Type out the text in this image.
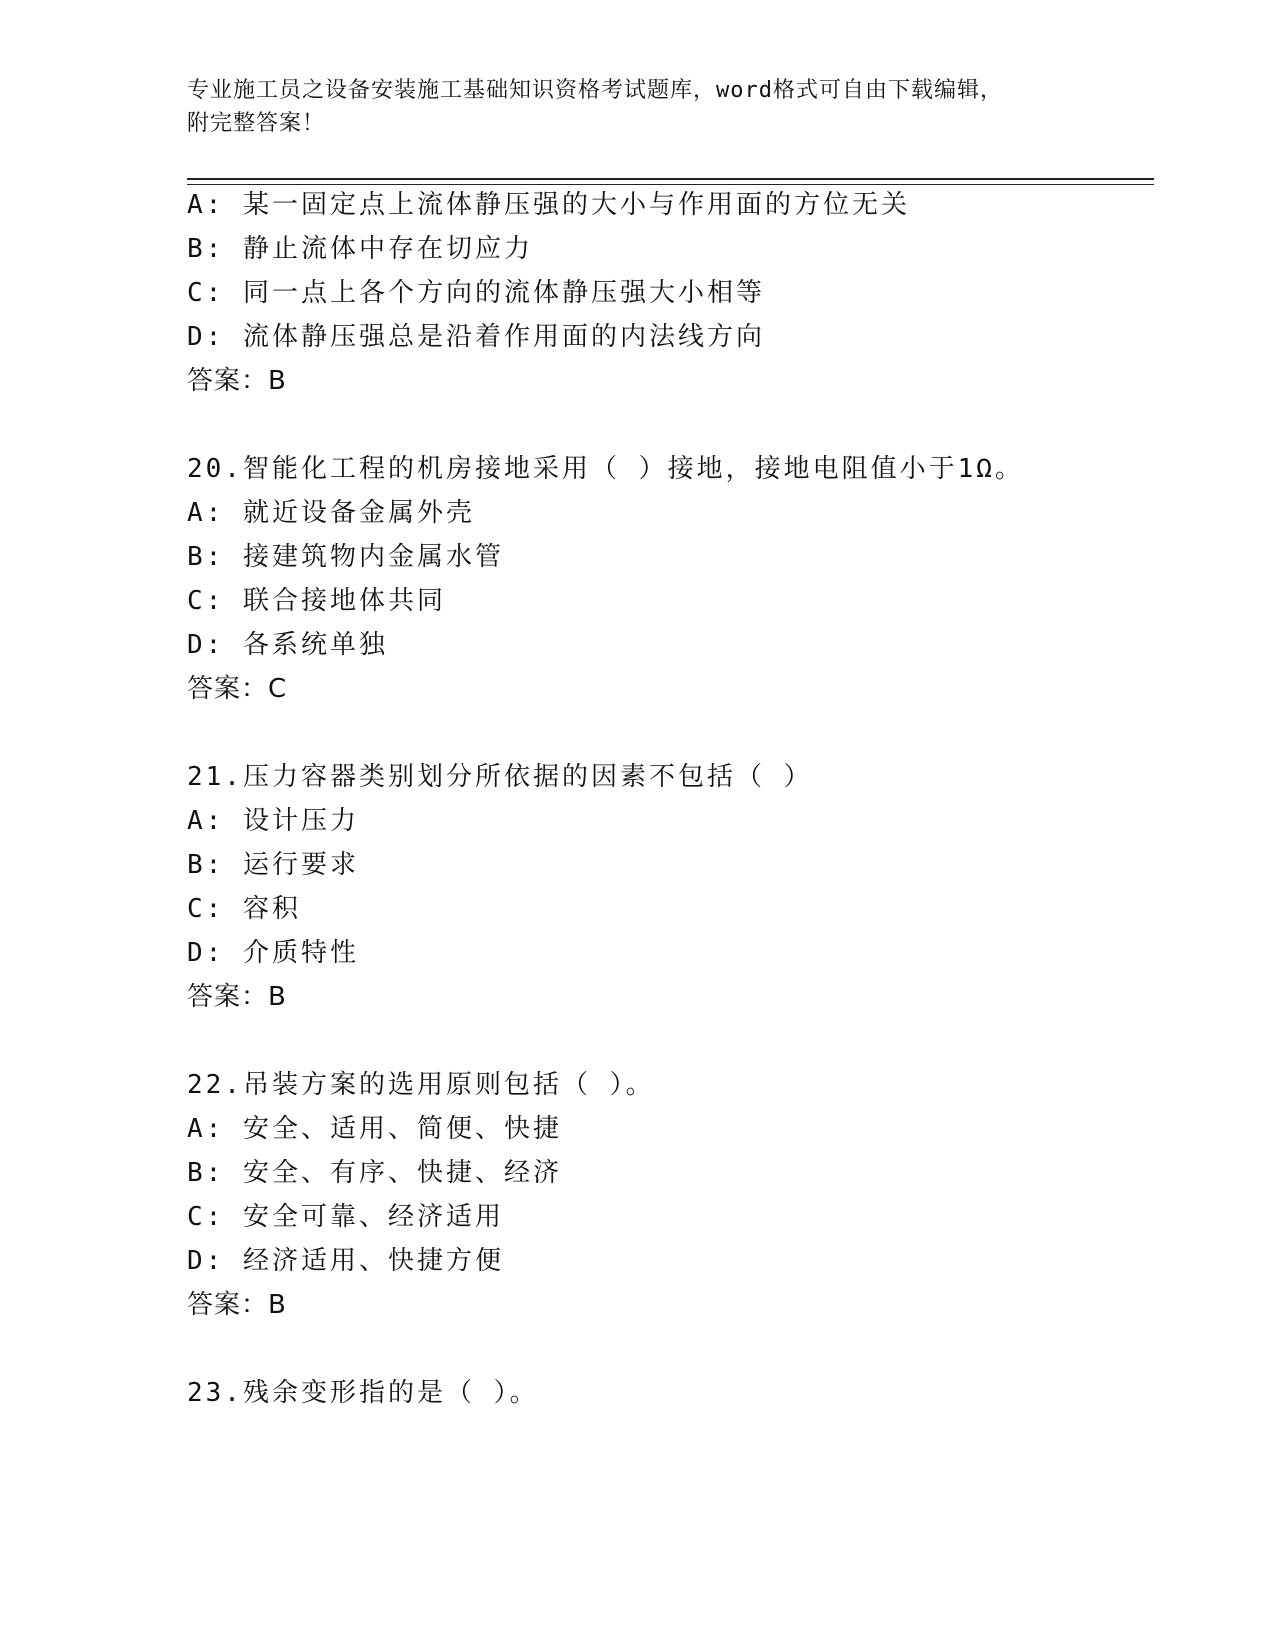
专业施工员之设备安装施工基础知识资格考试题库，word格式可自由下载编辑，
附完整答案！
A: 某一固定点上流体静压强的大小与作用面的方位无关
B: 静止流体中存在切应力
C: 同一点上各个方向的流体静压强大小相等
D: 流体静压强总是沿着作用面的内法线方向
答案：B
20.智能化工程的机房接地采用（ ）接地，接地电阻值小于1Ω。
A: 就近设备金属外壳
B: 接建筑物内金属水管
C: 联合接地体共同
D: 各系统单独
答案：C
21.压力容器类别划分所依据的因素不包括（ ）
A: 设计压力
B: 运行要求
C: 容积
D: 介质特性
答案：B
22.吊装方案的选用原则包括（ ）。
A: 安全、适用、简便、快捷
B: 安全、有序、快捷、经济
C: 安全可靠、经济适用
D: 经济适用、快捷方便
答案：B
23.残余变形指的是（ ）。
